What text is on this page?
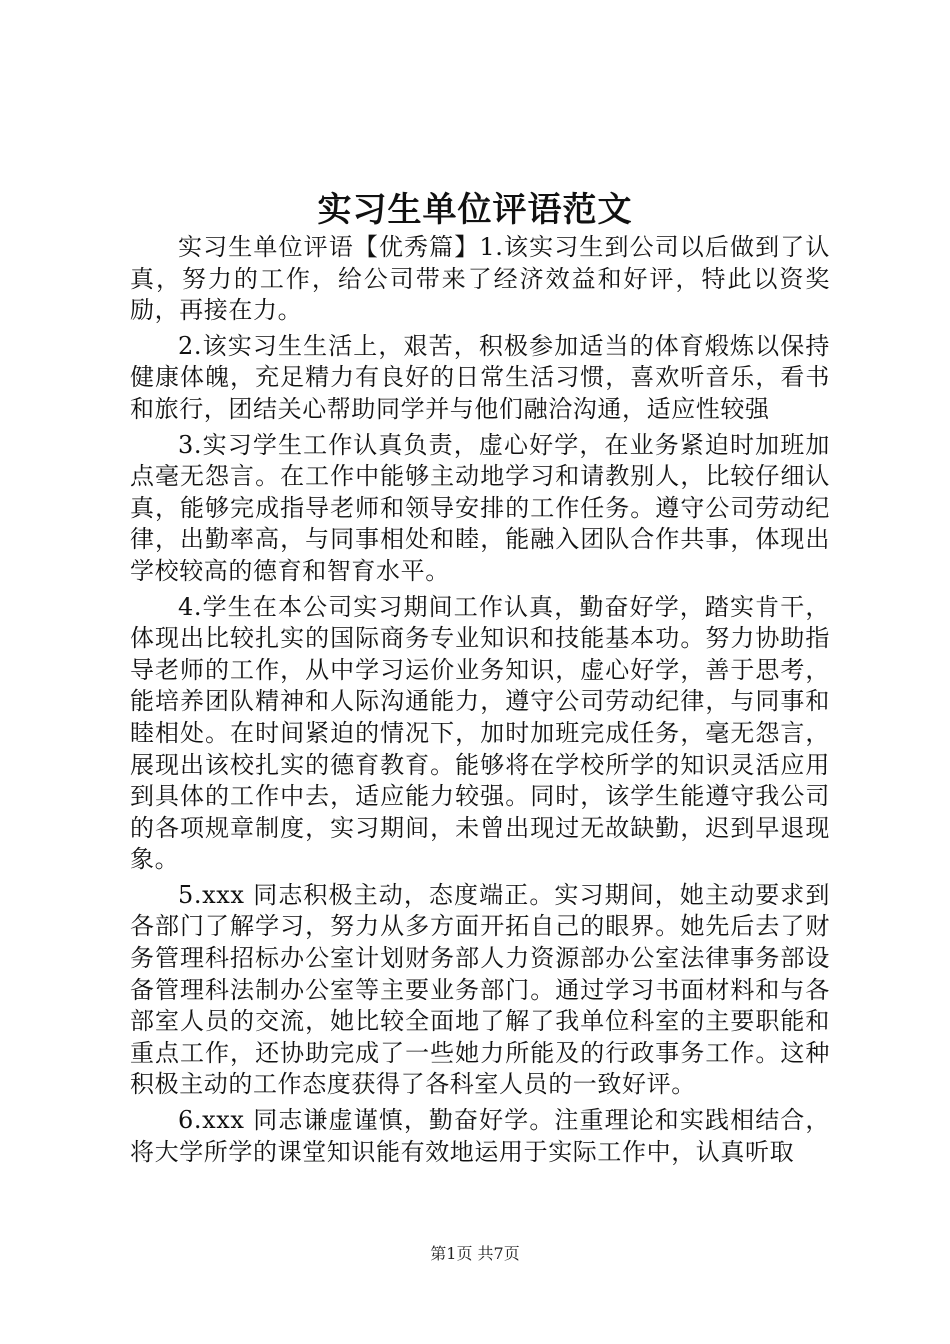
实习生单位评语范文

实习生单位评语【优秀篇】1.该实习生到公司以后做到了认真，努力的工作，给公司带来了经济效益和好评，特此以资奖励，再接在力。

2.该实习生生活上，艰苦，积极参加适当的体育煅炼以保持健康体魄，充足精力有良好的日常生活习惯，喜欢听音乐，看书和旅行，团结关心帮助同学并与他们融洽沟通，适应性较强

3.实习学生工作认真负责，虚心好学，在业务紧迫时加班加点毫无怨言。在工作中能够主动地学习和请教别人，比较仔细认真，能够完成指导老师和领导安排的工作任务。遵守公司劳动纪律，出勤率高，与同事相处和睦，能融入团队合作共事，体现出学校较高的德育和智育水平。

4.学生在本公司实习期间工作认真，勤奋好学，踏实肯干，体现出比较扎实的国际商务专业知识和技能基本功。努力协助指导老师的工作，从中学习运价业务知识，虚心好学，善于思考，能培养团队精神和人际沟通能力，遵守公司劳动纪律，与同事和睦相处。在时间紧迫的情况下，加时加班完成任务，毫无怨言，展现出该校扎实的德育教育。能够将在学校所学的知识灵活应用到具体的工作中去，适应能力较强。同时，该学生能遵守我公司的各项规章制度，实习期间，未曾出现过无故缺勤，迟到早退现象。

5.xxx 同志积极主动，态度端正。实习期间，她主动要求到各部门了解学习，努力从多方面开拓自己的眼界。她先后去了财务管理科招标办公室计划财务部人力资源部办公室法律事务部设备管理科法制办公室等主要业务部门。通过学习书面材料和与各部室人员的交流，她比较全面地了解了我单位科室的主要职能和重点工作，还协助完成了一些她力所能及的行政事务工作。这种积极主动的工作态度获得了各科室人员的一致好评。

6.xxx 同志谦虚谨慎，勤奋好学。注重理论和实践相结合，将大学所学的课堂知识能有效地运用于实际工作中，认真听取

第1页 共7页
